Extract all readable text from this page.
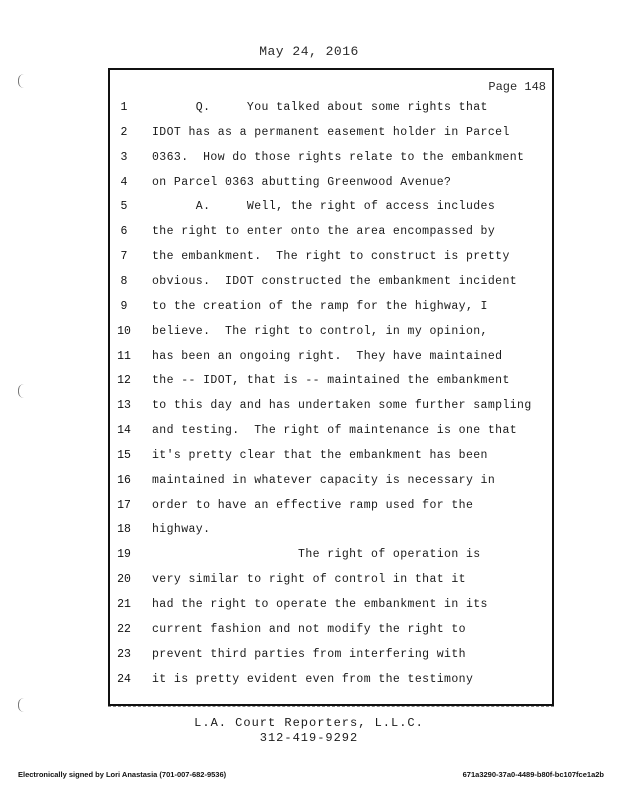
May 24, 2016
Page 148
1	Q.     You talked about some rights that
2	IDOT has as a permanent easement holder in Parcel
3	0363.  How do those rights relate to the embankment
4	on Parcel 0363 abutting Greenwood Avenue?
5	A.     Well, the right of access includes
6	the right to enter onto the area encompassed by
7	the embankment.  The right to construct is pretty
8	obvious.  IDOT constructed the embankment incident
9	to the creation of the ramp for the highway, I
10	believe.  The right to control, in my opinion,
11	has been an ongoing right.  They have maintained
12	the -- IDOT, that is -- maintained the embankment
13	to this day and has undertaken some further sampling
14	and testing.  The right of maintenance is one that
15	it's pretty clear that the embankment has been
16	maintained in whatever capacity is necessary in
17	order to have an effective ramp used for the
18	highway.
19	The right of operation is
20	very similar to right of control in that it
21	had the right to operate the embankment in its
22	current fashion and not modify the right to
23	prevent third parties from interfering with
24	it is pretty evident even from the testimony
L.A. Court Reporters, L.L.C.
312-419-9292
Electronically signed by Lori Anastasia (701-007-682-9536)	671a3290-37a0-4489-b80f-bc107fce1a2b
